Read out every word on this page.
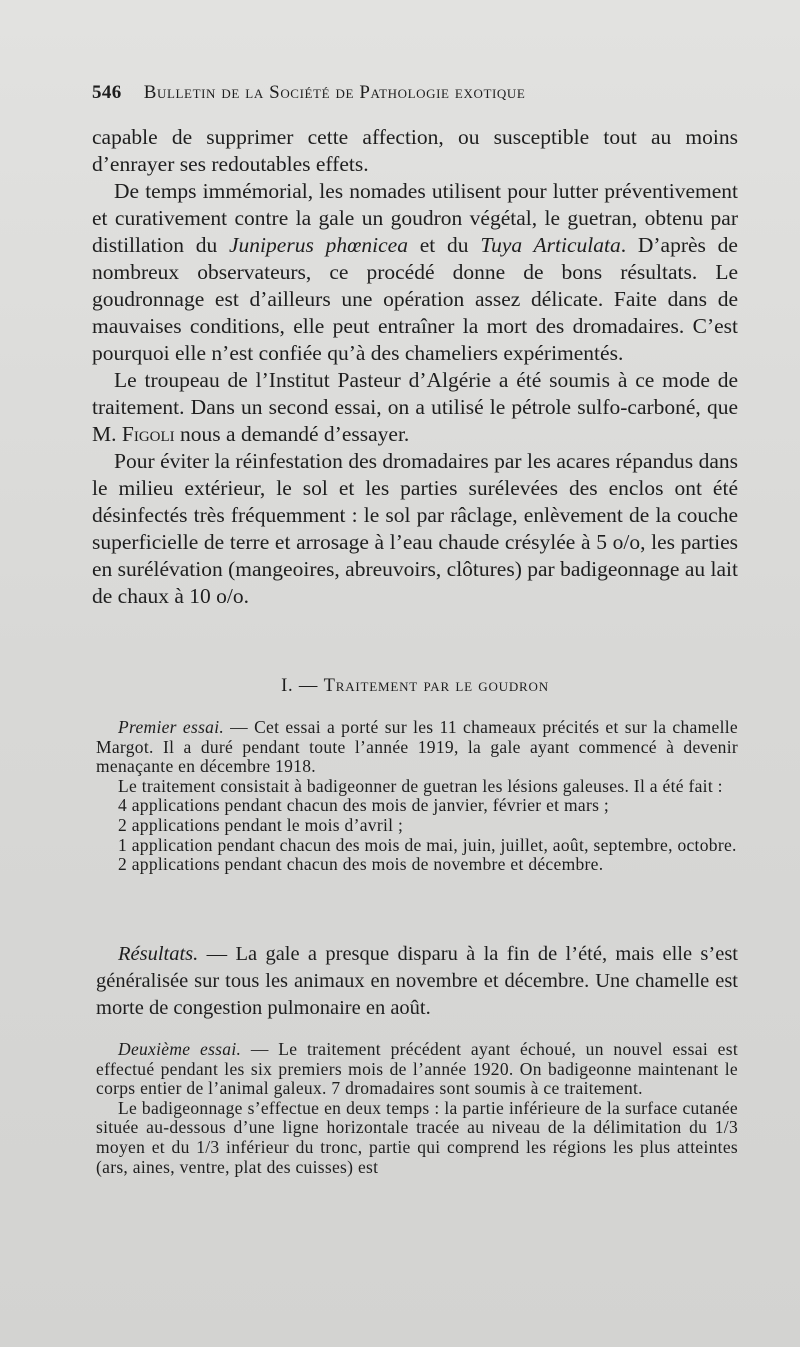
546 Bulletin de la Société de Pathologie exotique

capable de supprimer cette affection, ou susceptible tout au moins d’enrayer ses redoutables effets.

De temps immémorial, les nomades utilisent pour lutter préventivement et curativement contre la gale un goudron végétal, le guetran, obtenu par distillation du Juniperus phœnicea et du Tuya Articulata. D’après de nombreux observateurs, ce procédé donne de bons résultats. Le goudronnage est d’ailleurs une opération assez délicate. Faite dans de mauvaises conditions, elle peut entraîner la mort des dromadaires. C’est pourquoi elle n’est confiée qu’à des chameliers expérimentés.

Le troupeau de l’Institut Pasteur d’Algérie a été soumis à ce mode de traitement. Dans un second essai, on a utilisé le pétrole sulfo-carboné, que M. Figoli nous a demandé d’essayer.

Pour éviter la réinfestation des dromadaires par les acares répandus dans le milieu extérieur, le sol et les parties surélevées des enclos ont été désinfectés très fréquemment : le sol par râclage, enlèvement de la couche superficielle de terre et arrosage à l’eau chaude crésylée à 5 o/o, les parties en surélévation (mangeoires, abreuvoirs, clôtures) par badigeonnage au lait de chaux à 10 o/o.

I. — Traitement par le goudron

Premier essai. — Cet essai a porté sur les 11 chameaux précités et sur la chamelle Margot. Il a duré pendant toute l’année 1919, la gale ayant commencé à devenir menaçante en décembre 1918.

Le traitement consistait à badigeonner de guetran les lésions galeuses. Il a été fait :

4 applications pendant chacun des mois de janvier, février et mars ;

2 applications pendant le mois d’avril ;

1 application pendant chacun des mois de mai, juin, juillet, août, septembre, octobre.

2 applications pendant chacun des mois de novembre et décembre.

Résultats. — La gale a presque disparu à la fin de l’été, mais elle s’est généralisée sur tous les animaux en novembre et décembre. Une chamelle est morte de congestion pulmonaire en août.

Deuxième essai. — Le traitement précédent ayant échoué, un nouvel essai est effectué pendant les six premiers mois de l’année 1920. On badigeonne maintenant le corps entier de l’animal galeux. 7 dromadaires sont soumis à ce traitement.

Le badigeonnage s’effectue en deux temps : la partie inférieure de la surface cutanée située au-dessous d’une ligne horizontale tracée au niveau de la délimitation du 1/3 moyen et du 1/3 inférieur du tronc, partie qui comprend les régions les plus atteintes (ars, aines, ventre, plat des cuisses) est
